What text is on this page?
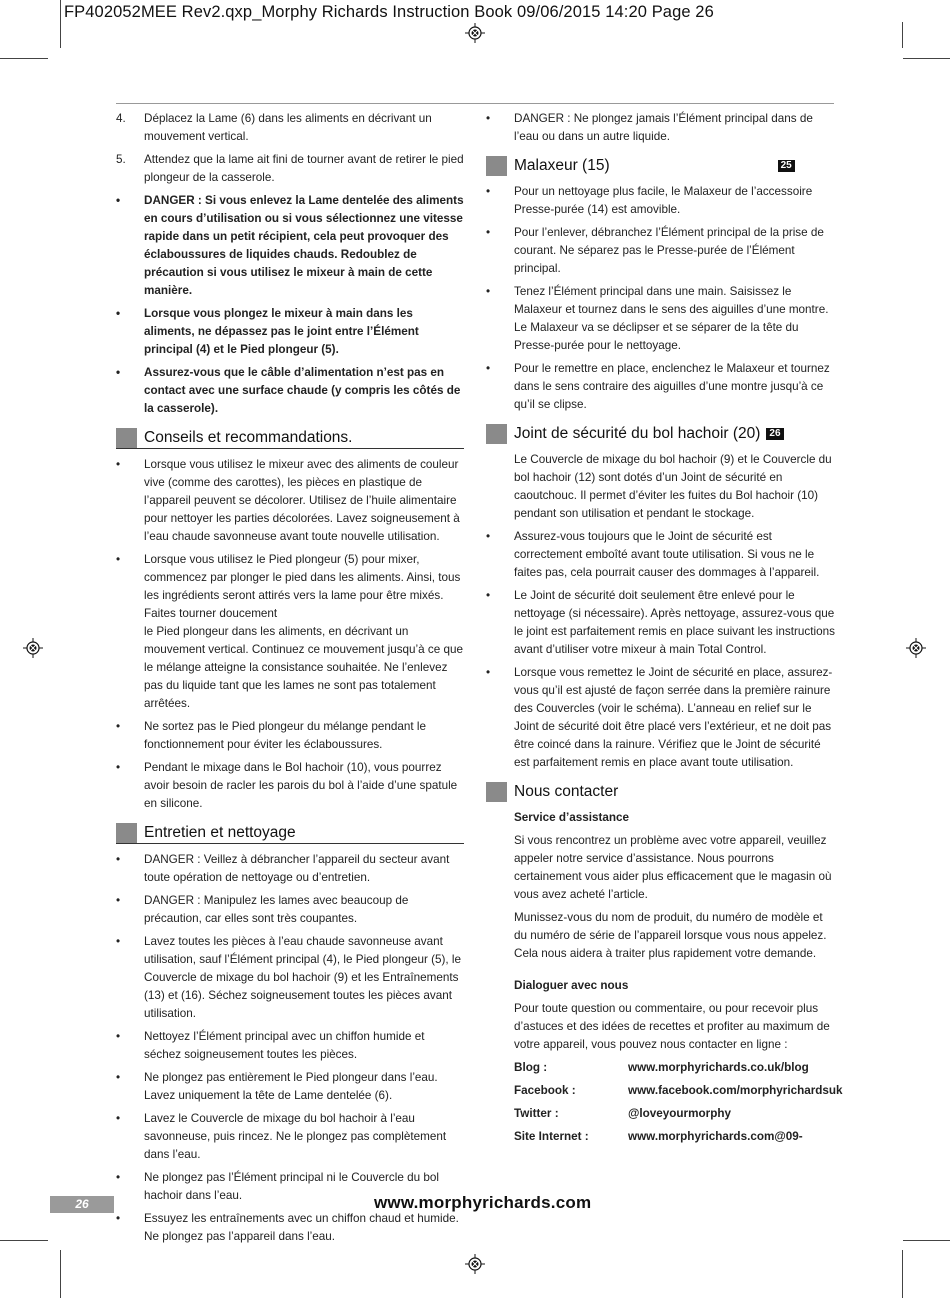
FP402052MEE Rev2.qxp_Morphy Richards Instruction Book 09/06/2015 14:20 Page 26
4. Déplacez la Lame (6) dans les aliments en décrivant un mouvement vertical.
5. Attendez que la lame ait fini de tourner avant de retirer le pied plongeur de la casserole.
• DANGER : Si vous enlevez la Lame dentelée des aliments en cours d’utilisation ou si vous sélectionnez une vitesse rapide dans un petit récipient, cela peut provoquer des éclaboussures de liquides chauds. Redoublez de précaution si vous utilisez le mixeur à main de cette manière.
• Lorsque vous plongez le mixeur à main dans les aliments, ne dépassez pas le joint entre l’Élément principal (4) et le Pied plongeur (5).
• Assurez-vous que le câble d’alimentation n’est pas en contact avec une surface chaude (y compris les côtés de la casserole).
Conseils et recommandations.
• Lorsque vous utilisez le mixeur avec des aliments de couleur vive (comme des carottes), les pièces en plastique de l’appareil peuvent se décolorer. Utilisez de l’huile alimentaire pour nettoyer les parties décolorées. Lavez soigneusement à l’eau chaude savonneuse avant toute nouvelle utilisation.
• Lorsque vous utilisez le Pied plongeur (5) pour mixer, commencez par plonger le pied dans les aliments. Ainsi, tous les ingrédients seront attirés vers la lame pour être mixés. Faites tourner doucement
le Pied plongeur dans les aliments, en décrivant un mouvement vertical. Continuez ce mouvement jusqu’à ce que le mélange atteigne la consistance souhaitée. Ne l’enlevez pas du liquide tant que les lames ne sont pas totalement arrêtées.
• Ne sortez pas le Pied plongeur du mélange pendant le fonctionnement pour éviter les éclaboussures.
• Pendant le mixage dans le Bol hachoir (10), vous pourrez avoir besoin de racler les parois du bol à l’aide d’une spatule en silicone.
Entretien et nettoyage
• DANGER : Veillez à débrancher l’appareil du secteur avant toute opération de nettoyage ou d’entretien.
• DANGER : Manipulez les lames avec beaucoup de précaution, car elles sont très coupantes.
• Lavez toutes les pièces à l’eau chaude savonneuse avant utilisation, sauf l’Élément principal (4), le Pied plongeur (5), le Couvercle de mixage du bol hachoir (9) et les Entraînements (13) et (16). Séchez soigneusement toutes les pièces avant utilisation.
• Nettoyez l’Élément principal avec un chiffon humide et séchez soigneusement toutes les pièces.
• Ne plongez pas entièrement le Pied plongeur dans l’eau. Lavez uniquement la tête de Lame dentelée (6).
• Lavez le Couvercle de mixage du bol hachoir à l’eau savonneuse, puis rincez. Ne le plongez pas complètement dans l’eau.
• Ne plongez pas l’Élément principal ni le Couvercle du bol hachoir dans l’eau.
• Essuyez les entraînements avec un chiffon chaud et humide. Ne plongez pas l’appareil dans l’eau.
• DANGER : Ne plongez jamais l’Élément principal dans de l’eau ou dans un autre liquide.
Malaxeur (15)	25
• Pour un nettoyage plus facile, le Malaxeur de l’accessoire Presse-purée (14) est amovible.
• Pour l’enlever, débranchez l’Élément principal de la prise de courant. Ne séparez pas le Presse-purée de l’Élément principal.
• Tenez l’Élément principal dans une main. Saisissez le Malaxeur et tournez dans le sens des aiguilles d’une montre. Le Malaxeur va se déclipser et se séparer de la tête du Presse-purée pour le nettoyage.
• Pour le remettre en place, enclenchez le Malaxeur et tournez dans le sens contraire des aiguilles d’une montre jusqu’à ce qu’il se clipse.
Joint de sécurité du bol hachoir (20) 26
Le Couvercle de mixage du bol hachoir (9) et le Couvercle du bol hachoir (12) sont dotés d’un Joint de sécurité en caoutchouc. Il permet d’éviter les fuites du Bol hachoir (10) pendant son utilisation et pendant le stockage.
• Assurez-vous toujours que le Joint de sécurité est correctement emboîté avant toute utilisation. Si vous ne le faites pas, cela pourrait causer des dommages à l’appareil.
• Le Joint de sécurité doit seulement être enlevé pour le nettoyage (si nécessaire). Après nettoyage, assurez-vous que le joint est parfaitement remis en place suivant les instructions avant d’utiliser votre mixeur à main Total Control.
• Lorsque vous remettez le Joint de sécurité en place, assurez-vous qu’il est ajusté de façon serrée dans la première rainure des Couvercles (voir le schéma). L’anneau en relief sur le Joint de sécurité doit être placé vers l’extérieur, et ne doit pas être coincé dans la rainure. Vérifiez que le Joint de sécurité est parfaitement remis en place avant toute utilisation.
Nous contacter
Service d’assistance
Si vous rencontrez un problème avec votre appareil, veuillez appeler notre service d’assistance. Nous pourrons certainement vous aider plus efficacement que le magasin où vous avez acheté l’article.
Munissez-vous du nom de produit, du numéro de modèle et du numéro de série de l’appareil lorsque vous nous appelez. Cela nous aidera à traiter plus rapidement votre demande.
Dialoguer avec nous
Pour toute question ou commentaire, ou pour recevoir plus d’astuces et des idées de recettes et profiter au maximum de votre appareil, vous pouvez nous contacter en ligne :
Blog :	www.morphyrichards.co.uk/blog
Facebook :	www.facebook.com/morphyrichardsuk
Twitter :	@loveyourmorphy
Site Internet :	www.morphyrichards.com@09-
26	www.morphyrichards.com
